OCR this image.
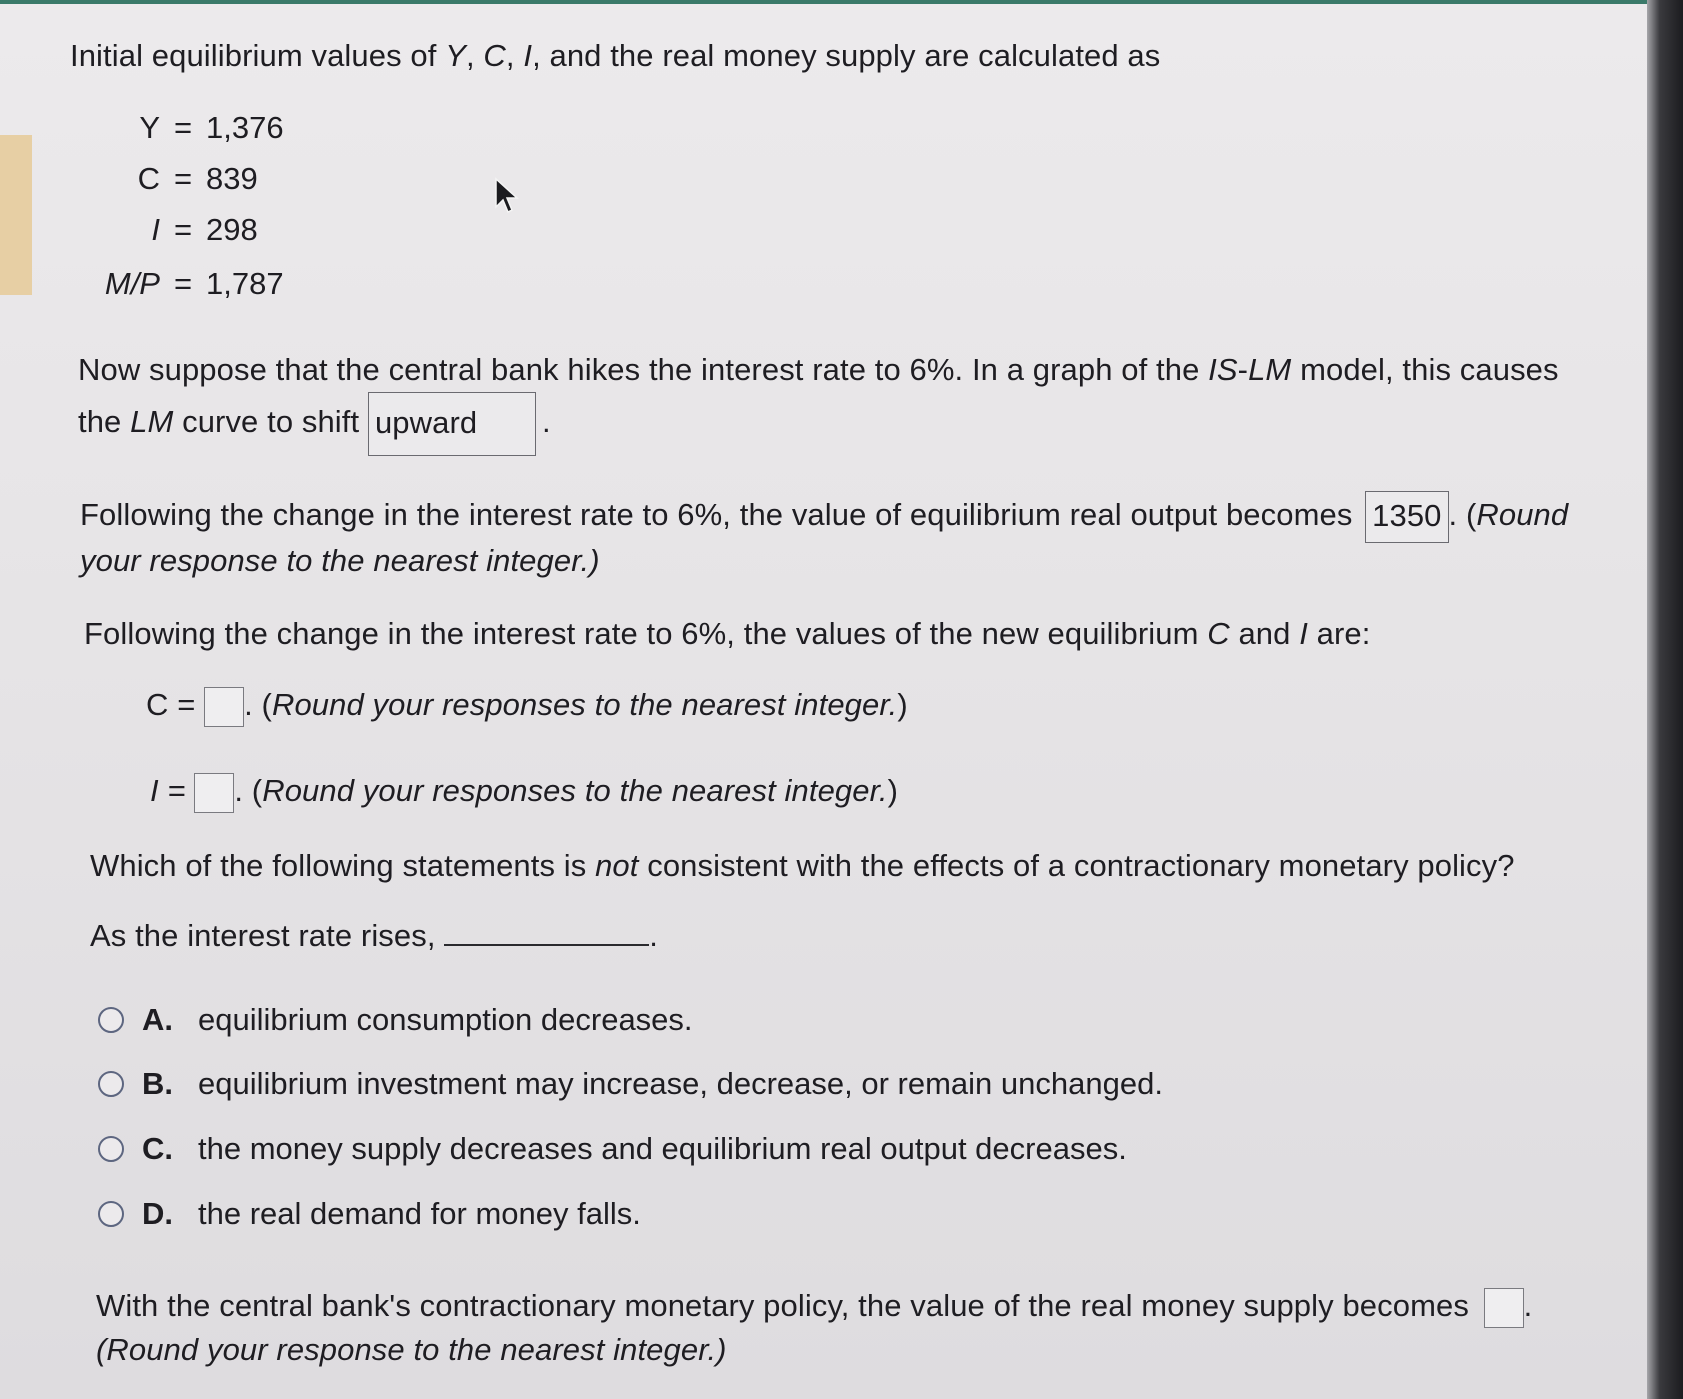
Initial equilibrium values of Y, C, I, and the real money supply are calculated as
Y = 1,376
C = 839
I = 298
M/P = 1,787
Now suppose that the central bank hikes the interest rate to 6%. In a graph of the IS-LM model, this causes
the LM curve to shift upward .
Following the change in the interest rate to 6%, the value of equilibrium real output becomes 1350 . (Round
your response to the nearest integer.)
Following the change in the interest rate to 6%, the values of the new equilibrium C and I are:
C = . (Round your responses to the nearest integer.)
I = . (Round your responses to the nearest integer.)
Which of the following statements is not consistent with the effects of a contractionary monetary policy?
As the interest rate rises,	.
A. equilibrium consumption decreases.
B. equilibrium investment may increase, decrease, or remain unchanged.
C. the money supply decreases and equilibrium real output decreases.
D. the real demand for money falls.
With the central bank's contractionary monetary policy, the value of the real money supply becomes .
(Round your response to the nearest integer.)
